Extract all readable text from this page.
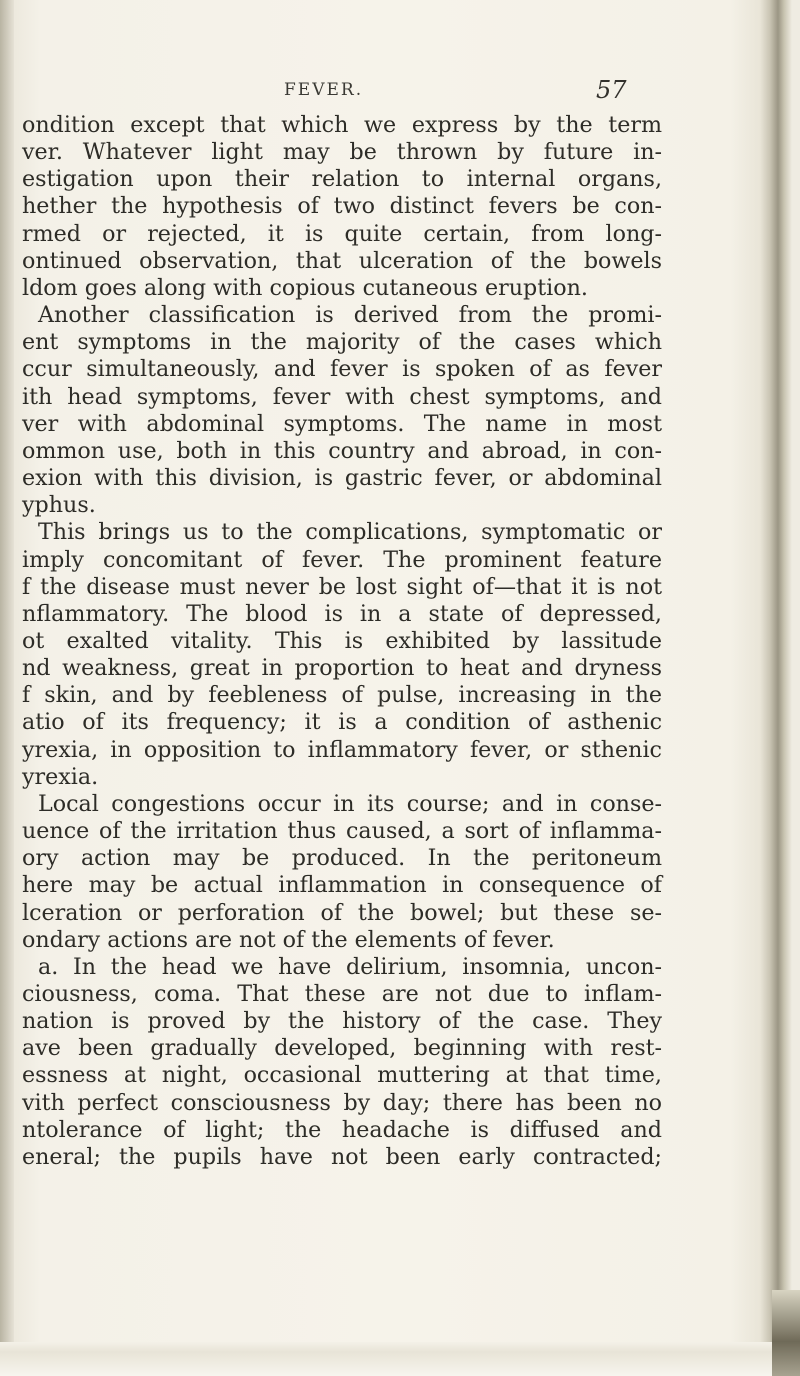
FEVER.	57
ondition except that which we express by the term
ver. Whatever light may be thrown by future in-
estigation upon their relation to internal organs,
hether the hypothesis of two distinct fevers be con-
rmed or rejected, it is quite certain, from long-
ontinued observation, that ulceration of the bowels
ldom goes along with copious cutaneous eruption.
Another classification is derived from the promi-
ent symptoms in the majority of the cases which
ccur simultaneously, and fever is spoken of as fever
ith head symptoms, fever with chest symptoms, and
ver with abdominal symptoms. The name in most
ommon use, both in this country and abroad, in con-
exion with this division, is gastric fever, or abdominal
yphus.
This brings us to the complications, symptomatic or
imply concomitant of fever. The prominent feature
f the disease must never be lost sight of—that it is not
nflammatory. The blood is in a state of depressed,
ot exalted vitality. This is exhibited by lassitude
nd weakness, great in proportion to heat and dryness
f skin, and by feebleness of pulse, increasing in the
atio of its frequency; it is a condition of asthenic
yrexia, in opposition to inflammatory fever, or sthenic
yrexia.
Local congestions occur in its course; and in conse-
uence of the irritation thus caused, a sort of inflamma-
ory action may be produced. In the peritoneum
here may be actual inflammation in consequence of
lceration or perforation of the bowel; but these se-
ondary actions are not of the elements of fever.
a. In the head we have delirium, insomnia, uncon-
ciousness, coma. That these are not due to inflam-
nation is proved by the history of the case. They
ave been gradually developed, beginning with rest-
essness at night, occasional muttering at that time,
vith perfect consciousness by day; there has been no
ntolerance of light; the headache is diffused and
eneral; the pupils have not been early contracted;
